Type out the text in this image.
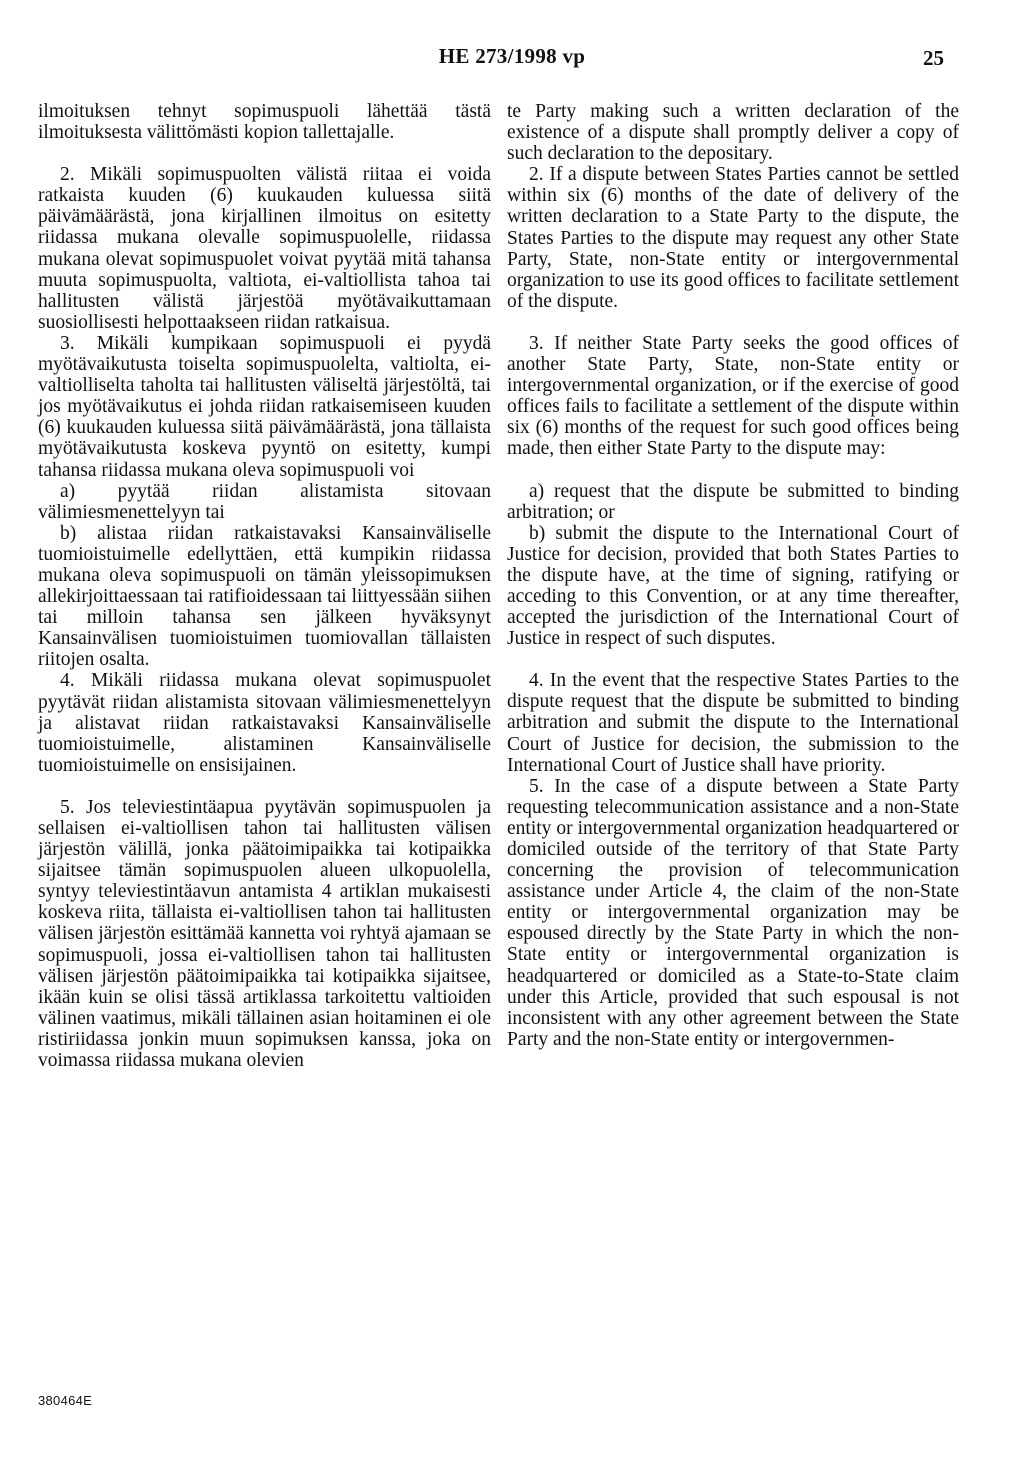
HE 273/1998 vp	25

ilmoituksen tehnyt sopimuspuoli lähettää tästä ilmoituksesta välittömästi kopion tallettajalle.

2. Mikäli sopimuspuolten välistä riitaa ei voida ratkaista kuuden (6) kuukauden kuluessa siitä päivämäärästä, jona kirjallinen ilmoitus on esitetty riidassa mukana olevalle sopimuspuolelle, riidassa mukana olevat sopimuspuolet voivat pyytää mitä tahansa muuta sopimuspuolta, valtiota, ei-valtiollista tahoa tai hallitusten välistä järjestöä myötävaikuttamaan suosiollisesti helpottaakseen riidan ratkaisua.

3. Mikäli kumpikaan sopimuspuoli ei pyydä myötävaikutusta toiselta sopimuspuolelta, valtiolta, ei-valtiolliselta taholta tai hallitusten väliseltä järjestöltä, tai jos myötävaikutus ei johda riidan ratkaisemiseen kuuden (6) kuukauden kuluessa siitä päivämäärästä, jona tällaista myötävaikutusta koskeva pyyntö on esitetty, kumpi tahansa riidassa mukana oleva sopimuspuoli voi

a) pyytää riidan alistamista sitovaan välimiesmenettelyyn tai

b) alistaa riidan ratkaistavaksi Kansainväliselle tuomioistuimelle edellyttäen, että kumpikin riidassa mukana oleva sopimuspuoli on tämän yleissopimuksen allekirjoittaessaan tai ratifioidessaan tai liittyessään siihen tai milloin tahansa sen jälkeen hyväksynyt Kansainvälisen tuomioistuimen tuomiovallan tällaisten riitojen osalta.

4. Mikäli riidassa mukana olevat sopimuspuolet pyytävät riidan alistamista sitovaan välimiesmenettelyyn ja alistavat riidan ratkaistavaksi Kansainväliselle tuomioistuimelle, alistaminen Kansainväliselle tuomioistuimelle on ensisijainen.

5. Jos televiestintäapua pyytävän sopimuspuolen ja sellaisen ei-valtiollisen tahon tai hallitusten välisen järjestön välillä, jonka päätoimipaikka tai kotipaikka sijaitsee tämän sopimuspuolen alueen ulkopuolella, syntyy televiestintäavun antamista 4 artiklan mukaisesti koskeva riita, tällaista ei-valtiollisen tahon tai hallitusten välisen järjestön esittämää kannetta voi ryhtyä ajamaan se sopimuspuoli, jossa ei-valtiollisen tahon tai hallitusten välisen järjestön päätoimipaikka tai kotipaikka sijaitsee, ikään kuin se olisi tässä artiklassa tarkoitettu valtioiden välinen vaatimus, mikäli tällainen asian hoitaminen ei ole ristiriidassa jonkin muun sopimuksen kanssa, joka on voimassa riidassa mukana olevien

te Party making such a written declaration of the existence of a dispute shall promptly deliver a copy of such declaration to the depositary.

2. If a dispute between States Parties cannot be settled within six (6) months of the date of delivery of the written declaration to a State Party to the dispute, the States Parties to the dispute may request any other State Party, State, non-State entity or intergovernmental organization to use its good offices to facilitate settlement of the dispute.

3. If neither State Party seeks the good offices of another State Party, State, non-State entity or intergovernmental organization, or if the exercise of good offices fails to facilitate a settlement of the dispute within six (6) months of the request for such good offices being made, then either State Party to the dispute may:

a) request that the dispute be submitted to binding arbitration; or

b) submit the dispute to the International Court of Justice for decision, provided that both States Parties to the dispute have, at the time of signing, ratifying or acceding to this Convention, or at any time thereafter, accepted the jurisdiction of the International Court of Justice in respect of such disputes.

4. In the event that the respective States Parties to the dispute request that the dispute be submitted to binding arbitration and submit the dispute to the International Court of Justice for decision, the submission to the International Court of Justice shall have priority.

5. In the case of a dispute between a State Party requesting telecommunication assistance and a non-State entity or intergovernmental organization headquartered or domiciled outside of the territory of that State Party concerning the provision of telecommunication assistance under Article 4, the claim of the non-State entity or intergovernmental organization may be espoused directly by the State Party in which the non-State entity or intergovernmental organization is headquartered or domiciled as a State-to-State claim under this Article, provided that such espousal is not inconsistent with any other agreement between the State Party and the non-State entity or intergovernmen-

380464E
